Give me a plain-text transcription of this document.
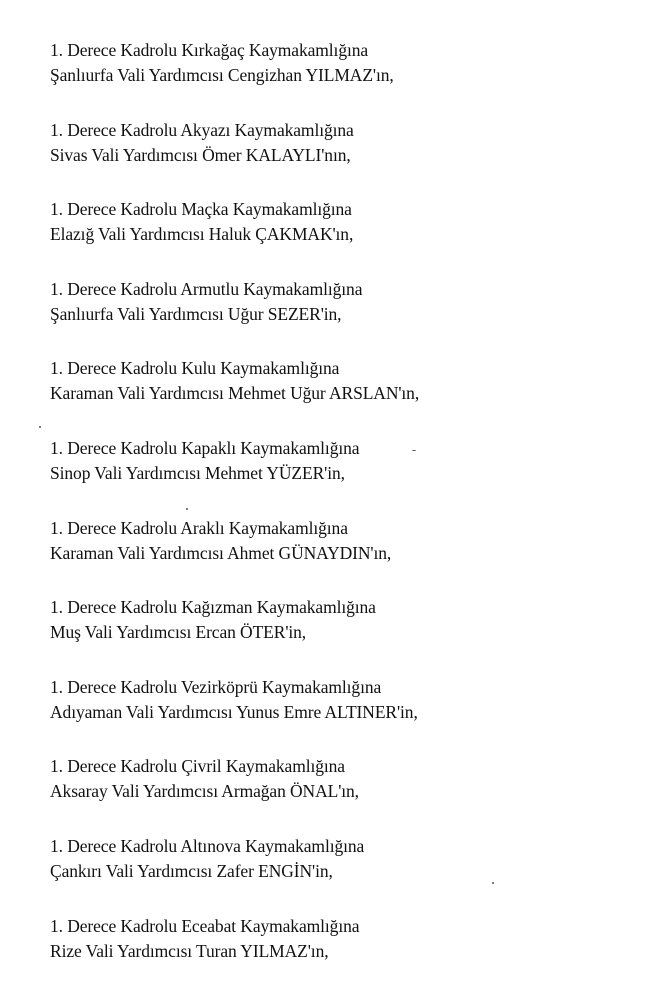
1. Derece Kadrolu Kırkağaç Kaymakamlığına
Şanlıurfa Vali Yardımcısı Cengizhan YILMAZ'ın,
1. Derece Kadrolu Akyazı Kaymakamlığına
Sivas Vali Yardımcısı Ömer KALAYLI'nın,
1. Derece Kadrolu Maçka Kaymakamlığına
Elazığ Vali Yardımcısı Haluk ÇAKMAK'ın,
1. Derece Kadrolu Armutlu Kaymakamlığına
Şanlıurfa Vali Yardımcısı Uğur SEZER'in,
1. Derece Kadrolu Kulu Kaymakamlığına
Karaman Vali Yardımcısı Mehmet Uğur ARSLAN'ın,
1. Derece Kadrolu Kapaklı Kaymakamlığına
Sinop Vali Yardımcısı Mehmet YÜZER'in,
1. Derece Kadrolu Araklı Kaymakamlığına
Karaman Vali Yardımcısı Ahmet GÜNAYDIN'ın,
1. Derece Kadrolu Kağızman Kaymakamlığına
Muş Vali Yardımcısı Ercan ÖTER'in,
1. Derece Kadrolu Vezirköprü Kaymakamlığına
Adıyaman Vali Yardımcısı Yunus Emre ALTINER'in,
1. Derece Kadrolu Çivril Kaymakamlığına
Aksaray Vali Yardımcısı Armağan ÖNAL'ın,
1. Derece Kadrolu Altınova Kaymakamlığına
Çankırı Vali Yardımcısı Zafer ENGİN'in,
1. Derece Kadrolu Eceabat Kaymakamlığına
Rize Vali Yardımcısı Turan YILMAZ'ın,
